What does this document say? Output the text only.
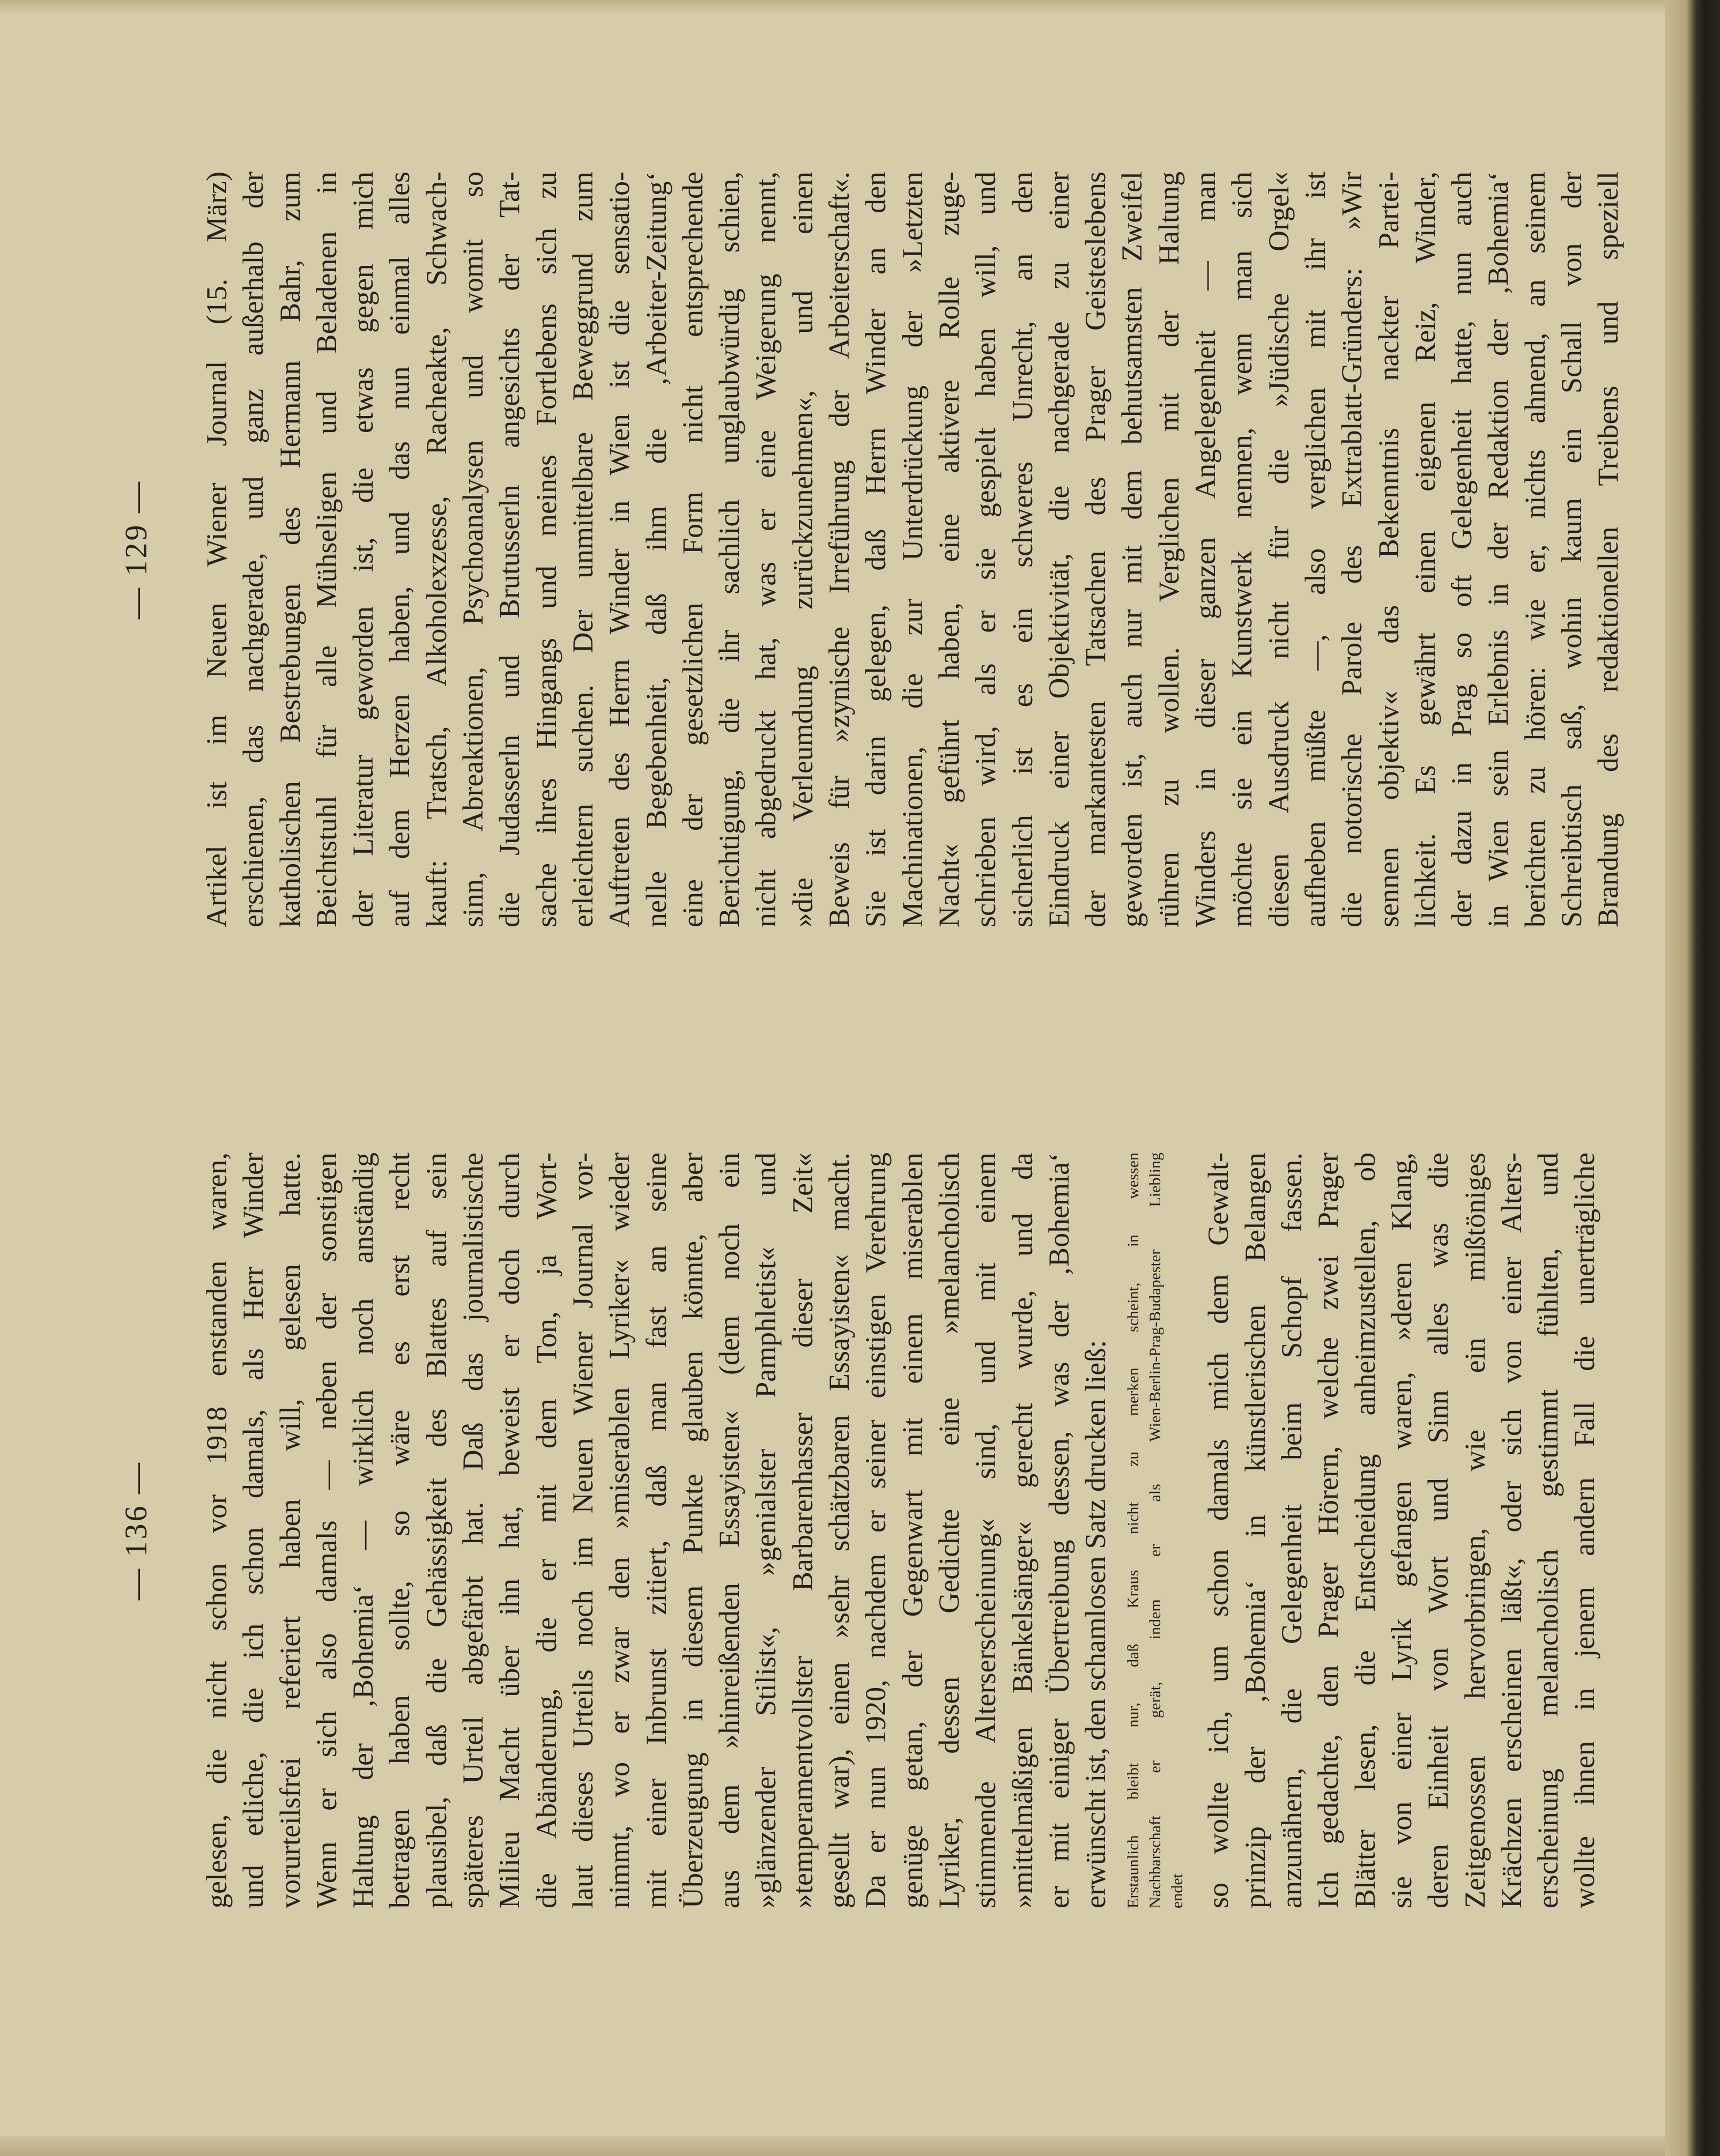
— 136 — gelesen, die nicht schon vor 1918 enstanden waren, und etliche, die ich schon damals, als Herr Winder vorurteilsfrei referiert haben will, gelesen hatte. Wenn er sich also damals — neben der sonstigen Haltung der ‚Bohemia‘ — wirklich noch anständig betragen haben sollte, so wäre es erst recht plausibel, daß die Gehässigkeit des Blattes auf sein späteres Urteil abgefärbt hat. Daß das journalistische Milieu Macht über ihn hat, beweist er doch durch die Abänderung, die er mit dem Ton, ja Wort- laut dieses Urteils noch im Neuen Wiener Journal vor- nimmt, wo er zwar den »miserablen Lyriker« wieder mit einer Inbrunst zitiert, daß man fast an seine Überzeugung in diesem Punkte glauben könnte, aber aus dem »hinreißenden Essayisten« (dem noch ein »glänzender Stilist«, »genialster Pamphletist« und »temperamentvollster Barbarenhasser dieser Zeit« gesellt war), einen »sehr schätzbaren Essayisten« macht. Da er nun 1920, nachdem er seiner einstigen Verehrung genüge getan, der Gegenwart mit einem miserablen Lyriker, dessen Gedichte eine »melancholisch stimmende Alterserscheinung« sind, und mit einem »mittelmäßigen Bänkelsänger« gerecht wurde, und da er mit einiger Übertreibung dessen, was der ‚Bohemia‘ erwünscht ist, den schamlosen Satz drucken ließ: Erstaunlich bleibt nur, daß Kraus nicht zu merken scheint, in wessen Nachbarschaft er gerät, indem er als Wien-Berlin-Prag-Budapester Liebling endet so wollte ich, um schon damals mich dem Gewalt- prinzip der ‚Bohemia‘ in künstlerischen Belangen anzunähern, die Gelegenheit beim Schopf fassen. Ich gedachte, den Prager Hörern, welche zwei Prager Blätter lesen, die Entscheidung anheimzustellen, ob sie von einer Lyrik gefangen waren, »deren Klang, deren Einheit von Wort und Sinn alles was die Zeitgenossen hervorbringen, wie ein mißtöniges Krächzen erscheinen läßt«, oder sich von einer Alters- erscheinung melancholisch gestimmt fühlten, und wollte ihnen in jenem andern Fall die unerträgliche
— 129 — Artikel ist im Neuen Wiener Journal (15. März) erschienen, das nachgerade, und ganz außerhalb der katholischen Bestrebungen des Hermann Bahr, zum Beichtstuhl für alle Mühseligen und Beladenen in der Literatur geworden ist, die etwas gegen mich auf dem Herzen haben, und das nun einmal alles kauft: Tratsch, Alkoholexzesse, Racheakte, Schwach- sinn, Abreaktionen, Psychoanalysen und womit so die Judasserln und Brutusserln angesichts der Tat- sache ihres Hingangs und meines Fortlebens sich zu erleichtern suchen. Der unmittelbare Beweggrund zum Auftreten des Herrn Winder in Wien ist die sensatio- nelle Begebenheit, daß ihm die ‚Arbeiter-Zeitung‘ eine der gesetzlichen Form nicht entsprechende Berichtigung, die ihr sachlich unglaubwürdig schien, nicht abgedruckt hat, was er eine Weigerung nennt, »die Verleumdung zurückzunehmen«, und einen Beweis für »zynische Irreführung der Arbeiterschaft«. Sie ist darin gelegen, daß Herrn Winder an den Machinationen, die zur Unterdrückung der »Letzten Nacht« geführt haben, eine aktivere Rolle zuge- schrieben wird, als er sie gespielt haben will, und sicherlich ist es ein schweres Unrecht, an den Eindruck einer Objektivität, die nachgerade zu einer der markantesten Tatsachen des Prager Geisteslebens geworden ist, auch nur mit dem behutsamsten Zweifel rühren zu wollen. Verglichen mit der Haltung Winders in dieser ganzen Angelegenheit — man möchte sie ein Kunstwerk nennen, wenn man sich diesen Ausdruck nicht für die »Jüdische Orgel« aufheben müßte —, also verglichen mit ihr ist die notorische Parole des Extrablatt-Gründers: »Wir sennen objektiv« das Bekenntnis nackter Partei- lichkeit. Es gewährt einen eigenen Reiz, Winder, der dazu in Prag so oft Gelegenheit hatte, nun auch in Wien sein Erlebnis in der Redaktion der ‚Bohemia‘ berichten zu hören: wie er, nichts ahnend, an seinem Schreibtisch saß, wohin kaum ein Schall von der Brandung des redaktionellen Treibens und speziell
